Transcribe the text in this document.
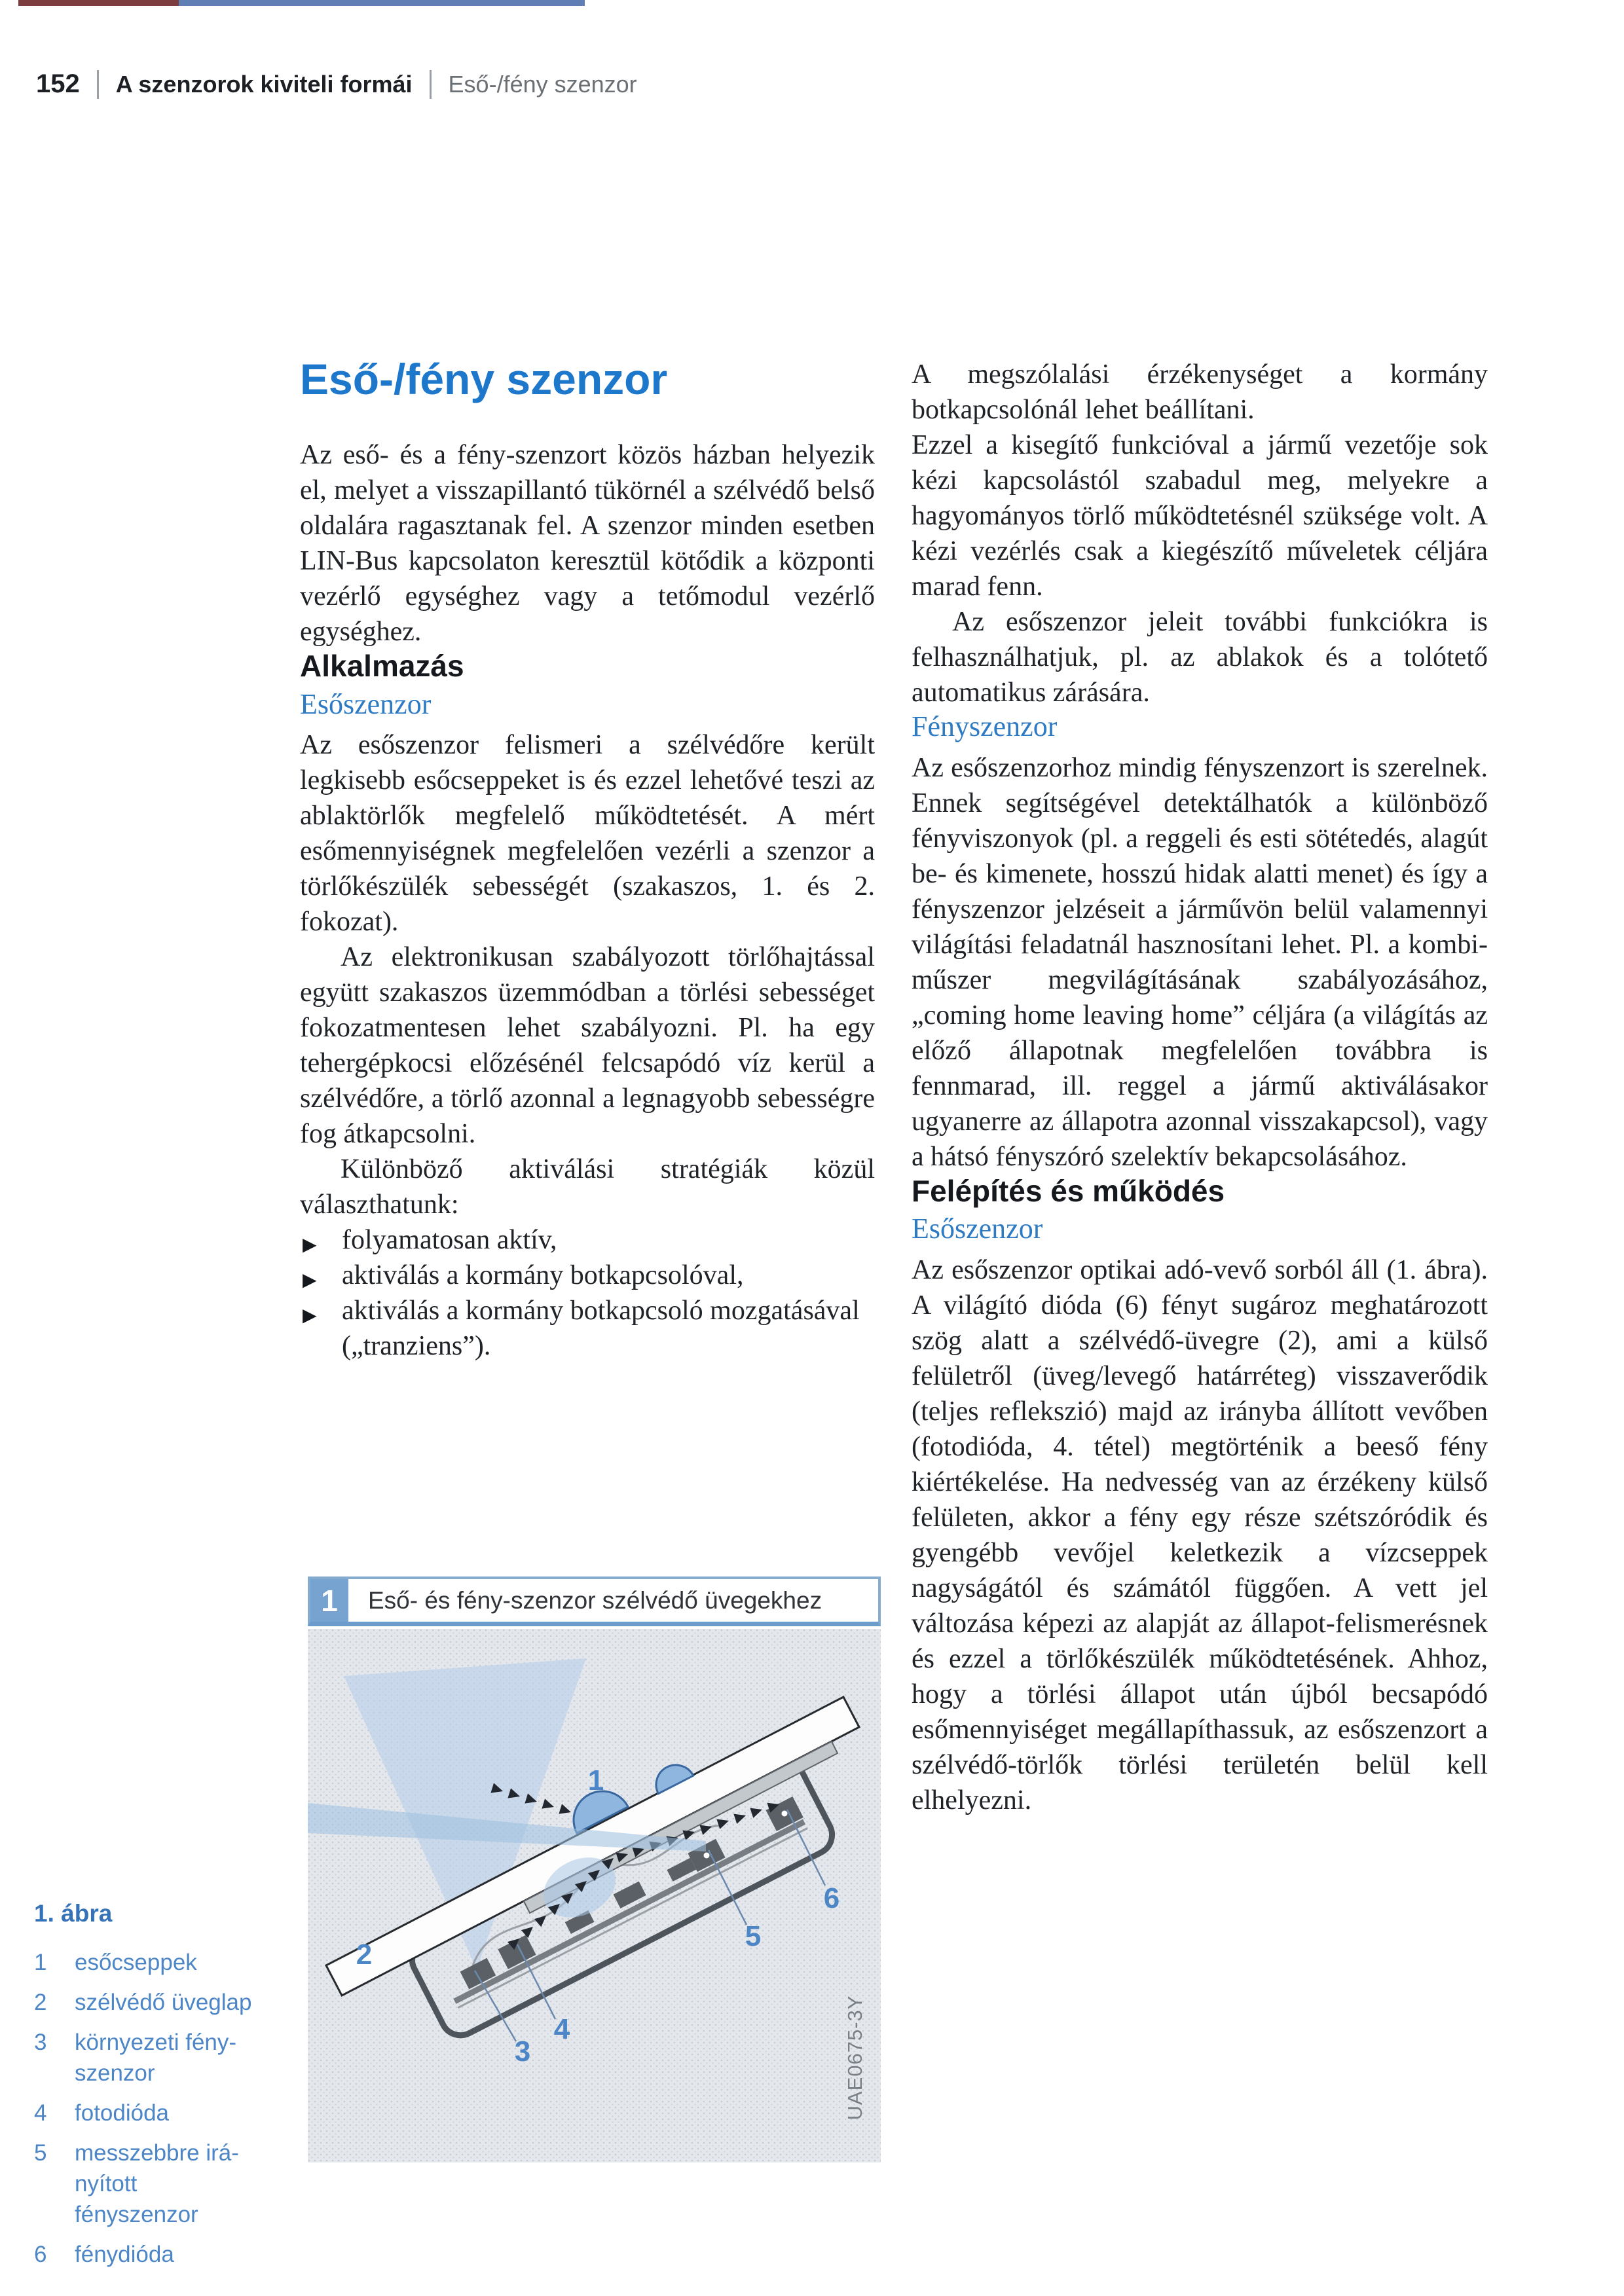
152 A szenzorok kiviteli formái Eső-/fény szenzor
Eső-/fény szenzor

Az eső- és a fény-szenzort közös házban helyezik el, melyet a visszapillantó tükörnél a szélvédő belső oldalára ragasztanak fel. A szenzor minden esetben LIN-Bus kapcsolaton keresztül kötődik a központi vezérlő egységhez vagy a tetőmodul vezérlő egységhez.

Alkalmazás
Esőszenzor

Az esőszenzor felismeri a szélvédőre került legkisebb esőcseppeket is és ezzel lehetővé teszi az ablaktörlők megfelelő működtetését. A mért esőmennyiségnek megfelelően vezérli a szenzor a törlőkészülék sebességét (szakaszos, 1. és 2. fokozat).

Az elektronikusan szabályozott törlőhajtással együtt szakaszos üzemmódban a törlési sebességet fokozatmentesen lehet szabályozni. Pl. ha egy tehergépkocsi előzésénél felcsapódó víz kerül a szélvédőre, a törlő azonnal a legnagyobb sebességre fog átkapcsolni.

Különböző aktiválási stratégiák közül választhatunk:

▶ folyamatosan aktív,
▶ aktiválás a kormány botkapcsolóval,
▶ aktiválás a kormány botkapcsoló mozgatásával („tranziens”).

A megszólalási érzékenységet a kormány botkapcsolónál lehet beállítani.

Ezzel a kisegítő funkcióval a jármű vezetője sok kézi kapcsolástól szabadul meg, melyekre a hagyományos törlő működtetésnél szüksége volt. A kézi vezérlés csak a kiegészítő műveletek céljára marad fenn.

Az esőszenzor jeleit további funkciókra is felhasználhatjuk, pl. az ablakok és a tolótető automatikus zárására.

Fényszenzor

Az esőszenzorhoz mindig fényszenzort is szerelnek. Ennek segítségével detektálhatók a különböző fényviszonyok (pl. a reggeli és esti sötétedés, alagút be- és kimenete, hosszú hidak alatti menet) és így a fényszenzor jelzéseit a járművön belül valamennyi világítási feladatnál hasznosítani lehet. Pl. a kombi-műszer megvilágításának szabályozásához, „coming home leaving home” céljára (a világítás az előző állapotnak megfelelően továbbra is fennmarad, ill. reggel a jármű aktiválásakor ugyanerre az állapotra azonnal visszakapcsol), vagy a hátsó fényszóró szelektív bekapcsolásához.

Felépítés és működés
Esőszenzor

Az esőszenzor optikai adó-vevő sorból áll (1. ábra). A világító dióda (6) fényt sugároz meghatározott szög alatt a szélvédő-üvegre (2), ami a külső felületről (üveg/levegő határréteg) visszaverődik (teljes reflekszió) majd az irányba állított vevőben (fotodióda, 4. tétel) megtörténik a beeső fény kiértékelése. Ha nedvesség van az érzékeny külső felületen, akkor a fény egy része szétszóródik és gyengébb vevőjel keletkezik a vízcseppek nagyságától és számától függően. A vett jel változása képezi az alapját az állapot-felismerésnek és ezzel a törlőkészülék működtetésének. Ahhoz, hogy a törlési állapot után újból becsapódó esőmennyiséget megállapíthassuk, az esőszenzort a szélvédő-törlők törlési területén belül kell elhelyezni.

1	Eső- és fény-szenzor szélvédő üvegekhez
1
2
3
4
5
6
UAE0675-3Y
1. ábra
1	esőcseppek
2	szélvédő üveglap
3	környezeti fény-
szenzor
4	fotodióda
5	messzebbre irá-
nyított fényszenzor
6	fénydióda
